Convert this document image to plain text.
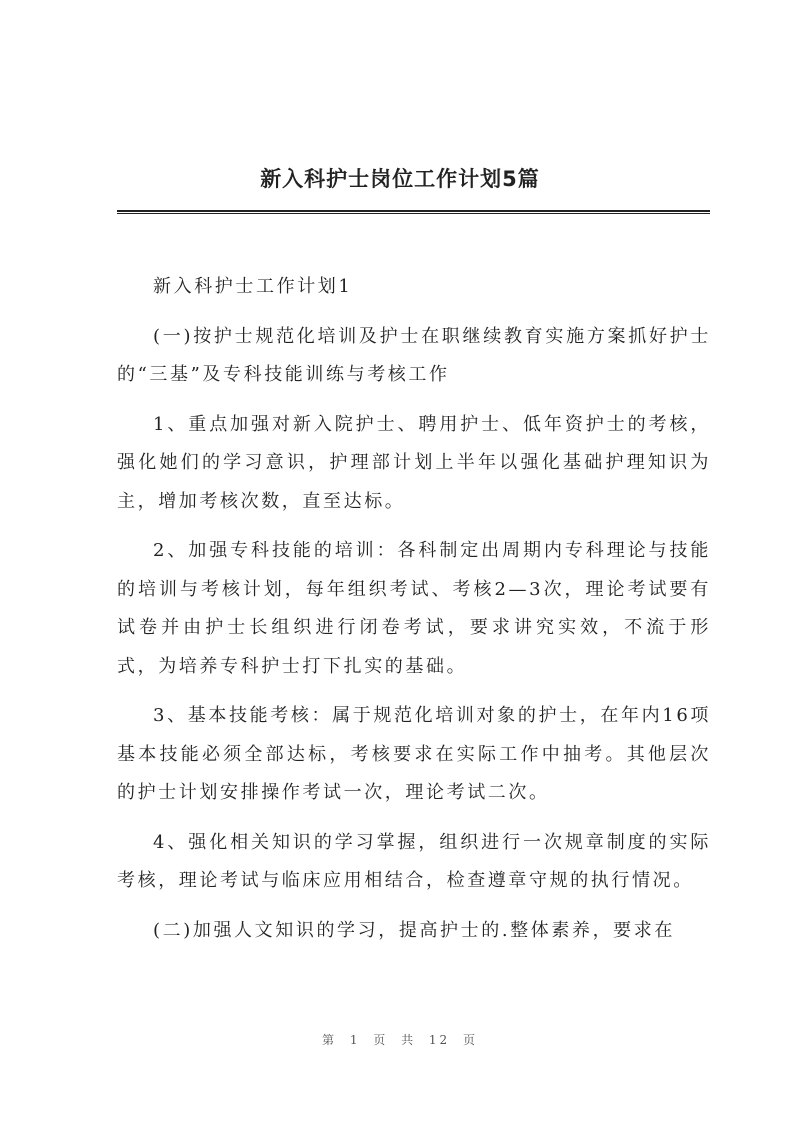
新入科护士岗位工作计划5篇

新入科护士工作计划1

(一)按护士规范化培训及护士在职继续教育实施方案抓好护士的“三基”及专科技能训练与考核工作

1、重点加强对新入院护士、聘用护士、低年资护士的考核，强化她们的学习意识，护理部计划上半年以强化基础护理知识为主，增加考核次数，直至达标。

2、加强专科技能的培训：各科制定出周期内专科理论与技能的培训与考核计划，每年组织考试、考核2—3次，理论考试要有试卷并由护士长组织进行闭卷考试，要求讲究实效，不流于形式，为培养专科护士打下扎实的基础。

3、基本技能考核：属于规范化培训对象的护士，在年内16项基本技能必须全部达标，考核要求在实际工作中抽考。其他层次的护士计划安排操作考试一次，理论考试二次。

4、强化相关知识的学习掌握，组织进行一次规章制度的实际考核，理论考试与临床应用相结合，检查遵章守规的执行情况。

(二)加强人文知识的学习，提高护士的.整体素养，要求在

第 1 页 共 12 页
